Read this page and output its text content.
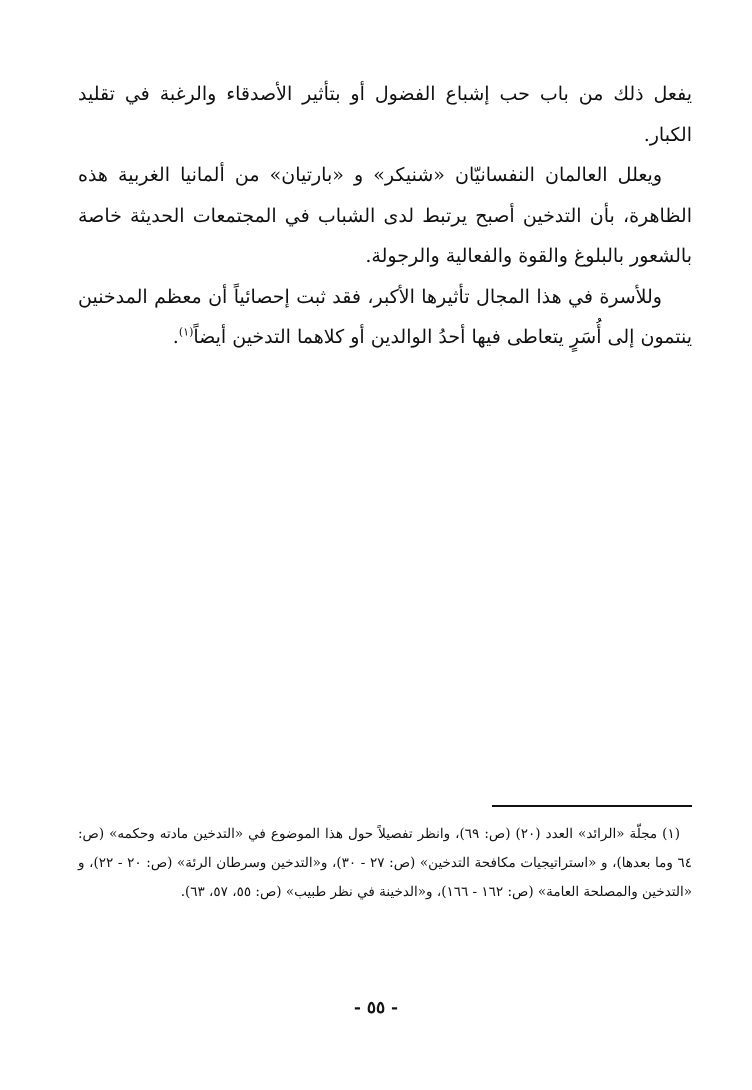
يفعل ذلك من باب حب إشباع الفضول أو بتأثير الأصدقاء والرغبة في تقليد الكبار.

ويعلل العالمان النفسانيّان «شنيكر» و «بارتيان» من ألمانيا الغربية هذه الظاهرة، بأن التدخين أصبح يرتبط لدى الشباب في المجتمعات الحديثة خاصة بالشعور بالبلوغ والقوة والفعالية والرجولة.

وللأسرة في هذا المجال تأثيرها الأكبر، فقد ثبت إحصائياً أن معظم المدخنين ينتمون إلى أُسَرٍ يتعاطى فيها أحدُ الوالدين أو كلاهما التدخين أيضاً$^{(١)}$.

(١) مجلّة «الرائد» العدد (٢٠) (ص: ٦٩)، وانظر تفصيلاً حول هذا الموضوع في «التدخين مادته وحكمه» (ص: ٦٤ وما بعدها)، و «استراتيجيات مكافحة التدخين» (ص: ٢٧ - ٣٠)، و«التدخين وسرطان الرئة» (ص: ٢٠ - ٢٢)، و «التدخين والمصلحة العامة» (ص: ١٦٢ - ١٦٦)، و«الدخينة في نظر طبيب» (ص: ٥٥، ٥٧، ٦٣).

- ٥٥ -
